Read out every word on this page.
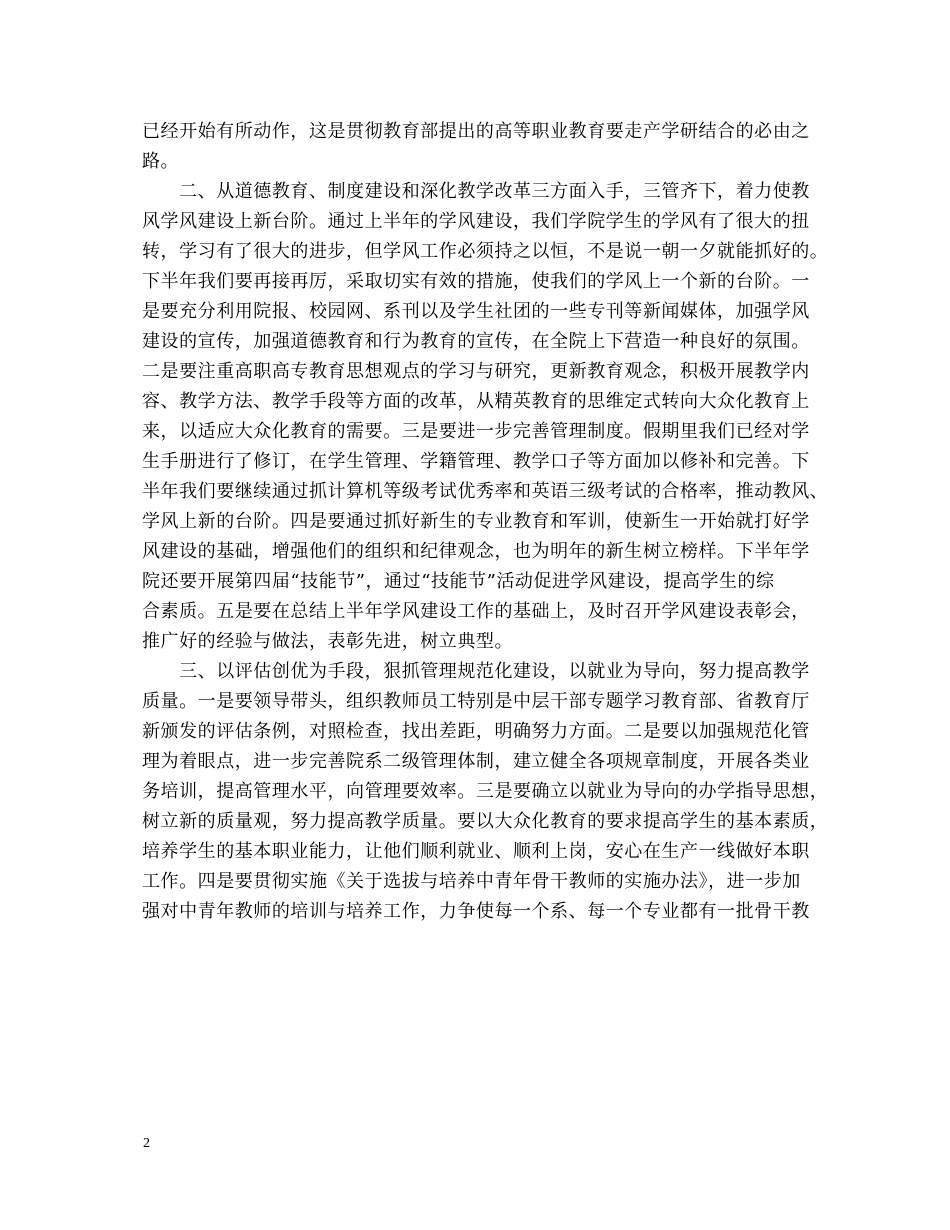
已经开始有所动作，这是贯彻教育部提出的高等职业教育要走产学研结合的必由之
路。
　　二、从道德教育、制度建设和深化教学改革三方面入手，三管齐下，着力使教
风学风建设上新台阶。通过上半年的学风建设，我们学院学生的学风有了很大的扭
转，学习有了很大的进步，但学风工作必须持之以恒，不是说一朝一夕就能抓好的。
下半年我们要再接再厉，采取切实有效的措施，使我们的学风上一个新的台阶。一
是要充分利用院报、校园网、系刊以及学生社团的一些专刊等新闻媒体，加强学风
建设的宣传，加强道德教育和行为教育的宣传，在全院上下营造一种良好的氛围。
二是要注重高职高专教育思想观点的学习与研究，更新教育观念，积极开展教学内
容、教学方法、教学手段等方面的改革，从精英教育的思维定式转向大众化教育上
来，以适应大众化教育的需要。三是要进一步完善管理制度。假期里我们已经对学
生手册进行了修订，在学生管理、学籍管理、教学口子等方面加以修补和完善。下
半年我们要继续通过抓计算机等级考试优秀率和英语三级考试的合格率，推动教风、
学风上新的台阶。四是要通过抓好新生的专业教育和军训，使新生一开始就打好学
风建设的基础，增强他们的组织和纪律观念，也为明年的新生树立榜样。下半年学
院还要开展第四届“技能节”，通过“技能节”活动促进学风建设，提高学生的综
合素质。五是要在总结上半年学风建设工作的基础上，及时召开学风建设表彰会，
推广好的经验与做法，表彰先进，树立典型。
　　三、以评估创优为手段，狠抓管理规范化建设，以就业为导向，努力提高教学
质量。一是要领导带头，组织教师员工特别是中层干部专题学习教育部、省教育厅
新颁发的评估条例，对照检查，找出差距，明确努力方面。二是要以加强规范化管
理为着眼点，进一步完善院系二级管理体制，建立健全各项规章制度，开展各类业
务培训，提高管理水平，向管理要效率。三是要确立以就业为导向的办学指导思想，
树立新的质量观，努力提高教学质量。要以大众化教育的要求提高学生的基本素质，
培养学生的基本职业能力，让他们顺利就业、顺利上岗，安心在生产一线做好本职
工作。四是要贯彻实施《关于选拔与培养中青年骨干教师的实施办法》，进一步加
强对中青年教师的培训与培养工作，力争使每一个系、每一个专业都有一批骨干教
2
